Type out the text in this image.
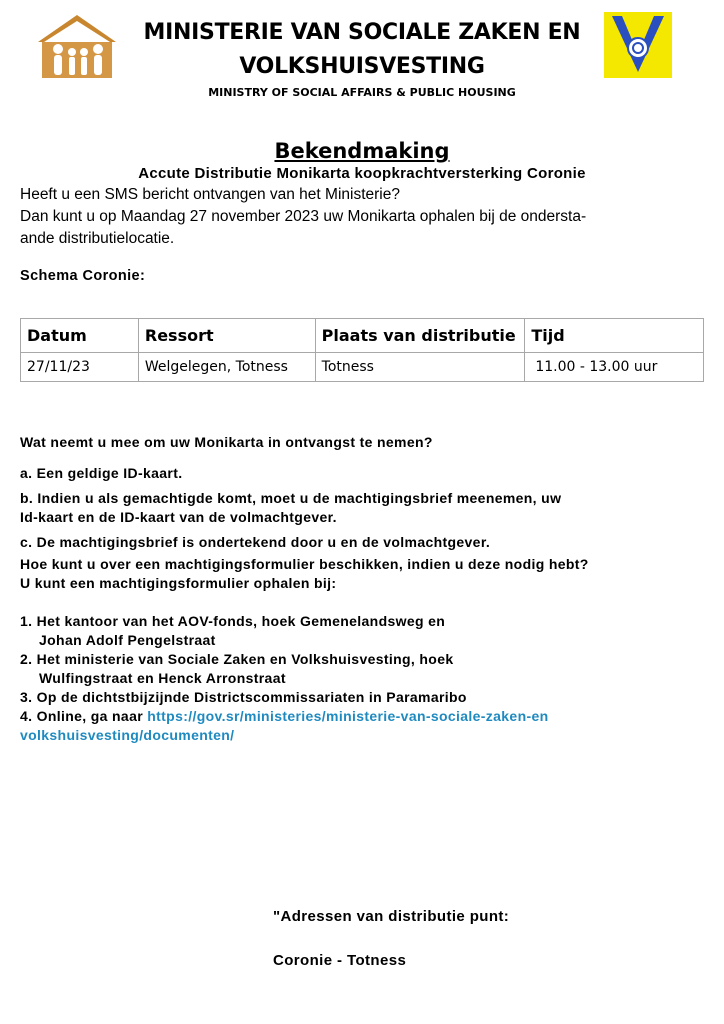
MINISTERIE VAN SOCIALE ZAKEN EN
VOLKSHUISVESTING
MINISTRY OF SOCIAL AFFAIRS & PUBLIC HOUSING
Bekendmaking
Accute Distributie Monikarta koopkrachtversterking Coronie
Heeft u een SMS bericht ontvangen van het Ministerie?
Dan kunt u op Maandag 27 november 2023 uw Monikarta ophalen bij de ondersta-
ande distributielocatie.
Schema Coronie:
Datum	Ressort	Plaats van distributie	Tijd
27/11/23	Welgelegen, Totness	Totness	11.00 - 13.00 uur
Wat neemt u mee om uw Monikarta in ontvangst te nemen?
a. Een geldige ID-kaart.
b. Indien u als gemachtigde komt, moet u de machtigingsbrief meenemen, uw
Id-kaart en de ID-kaart van de volmachtgever.
c. De machtigingsbrief is ondertekend door u en de volmachtgever.
Hoe kunt u over een machtigingsformulier beschikken, indien u deze nodig hebt?
U kunt een machtigingsformulier ophalen bij:
1. Het kantoor van het AOV-fonds, hoek Gemenelandsweg en
Johan Adolf Pengelstraat
2. Het ministerie van Sociale Zaken en Volkshuisvesting, hoek
Wulfingstraat en Henck Arronstraat
3. Op de dichtstbijzijnde Districtscommissariaten in Paramaribo
4. Online, ga naar https://gov.sr/ministeries/ministerie-van-sociale-zaken-en
volkshuisvesting/documenten/
"Adressen van distributie punt:
Coronie - Totness
